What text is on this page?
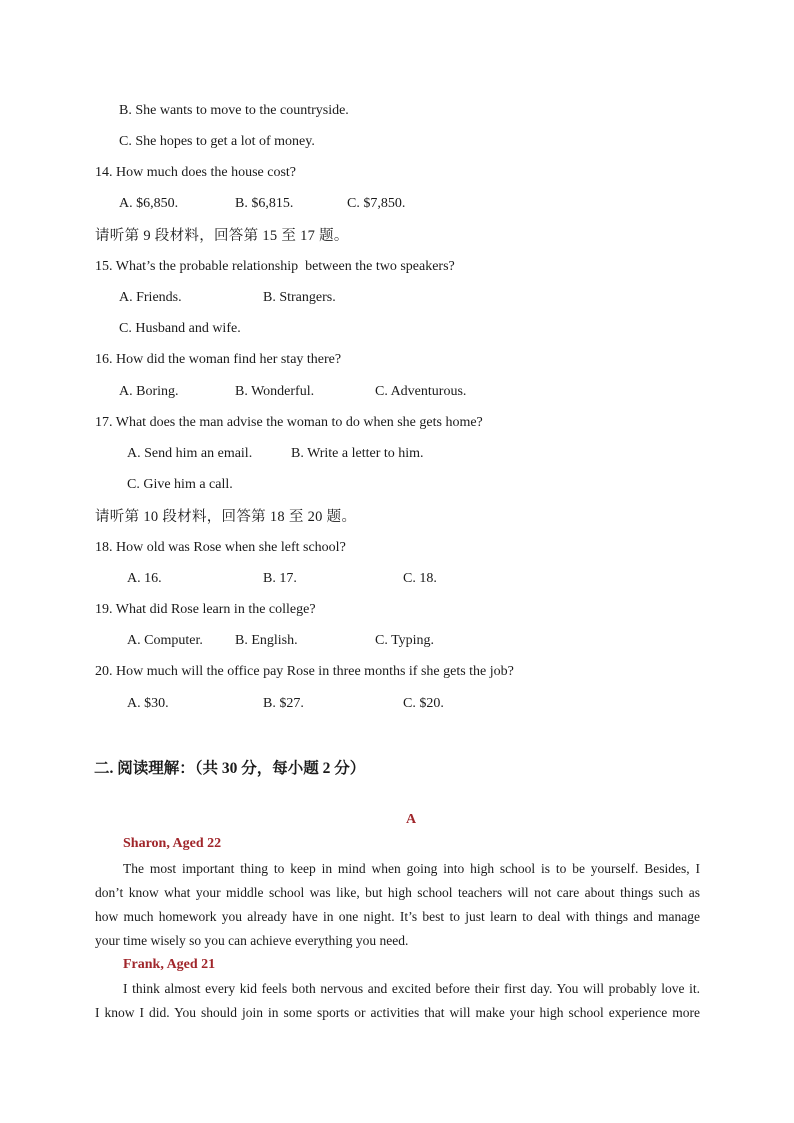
B. She wants to move to the countryside.
C. She hopes to get a lot of money.
14. How much does the house cost?
A. $6,850.	B. $6,815.	C. $7,850.
请听第 9 段材料，回答第 15 至 17 题。
15. What’s the probable relationship  between the two speakers?
A. Friends.	B. Strangers.
C. Husband and wife.
16. How did the woman find her stay there?
A. Boring.	B. Wonderful.	C. Adventurous.
17. What does the man advise the woman to do when she gets home?
A. Send him an email.	B. Write a letter to him.
C. Give him a call.
请听第 10 段材料，回答第 18 至 20 题。
18. How old was Rose when she left school?
A. 16.	B. 17.	C. 18.
19. What did Rose learn in the college?
A. Computer. B. English.	C. Typing.
20. How much will the office pay Rose in three months if she gets the job?
A. $30.	B. $27.	C. $20.
二. 阅读理解：（共 30 分，每小题 2 分）
A
Sharon, Aged 22
The most important thing to keep in mind when going into high school is to be yourself. Besides, I
don’t know what your middle school was like, but high school teachers will not care about things such as
how much homework you already have in one night. It’s best to just learn to deal with things and manage
your time wisely so you can achieve everything you need.
Frank, Aged 21
I think almost every kid feels both nervous and excited before their first day. You will probably love it.
I know I did. You should join in some sports or activities that will make your high school experience more
